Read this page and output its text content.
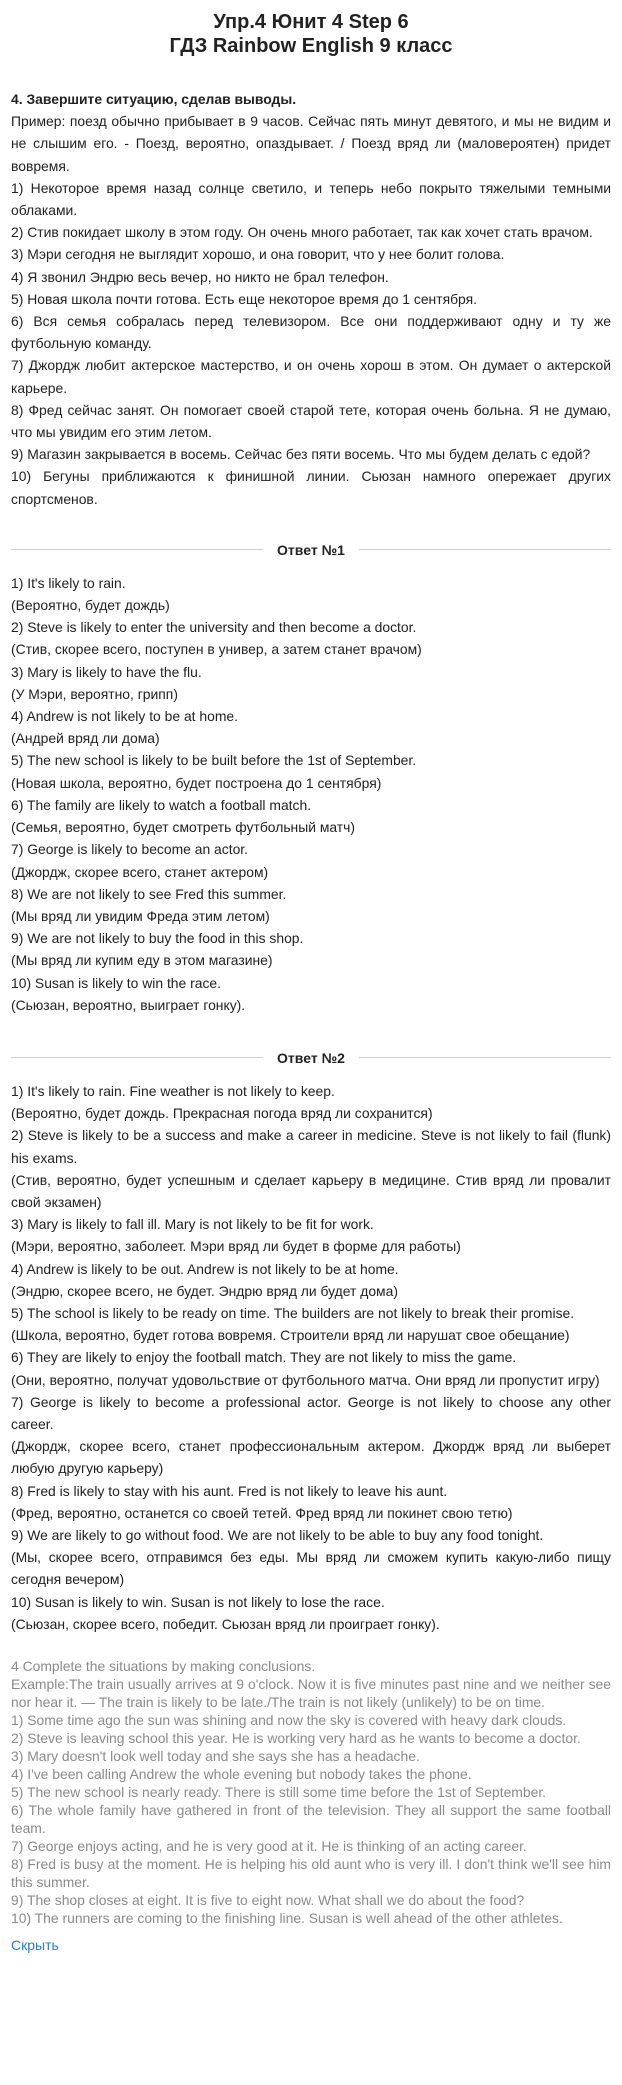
Упр.4 Юнит 4 Step 6
ГДЗ Rainbow English 9 класс

4. Завершите ситуацию, сделав выводы.

Пример: поезд обычно прибывает в 9 часов. Сейчас пять минут девятого, и мы не видим и не слышим его. - Поезд, вероятно, опаздывает. / Поезд вряд ли (маловероятен) придет вовремя.

1) Некоторое время назад солнце светило, и теперь небо покрыто тяжелыми темными облаками.

2) Стив покидает школу в этом году. Он очень много работает, так как хочет стать врачом.

3) Мэри сегодня не выглядит хорошо, и она говорит, что у нее болит голова.

4) Я звонил Эндрю весь вечер, но никто не брал телефон.

5) Новая школа почти готова. Есть еще некоторое время до 1 сентября.

6) Вся семья собралась перед телевизором. Все они поддерживают одну и ту же футбольную команду.

7) Джордж любит актерское мастерство, и он очень хорош в этом. Он думает о актерской карьере.

8) Фред сейчас занят. Он помогает своей старой тете, которая очень больна. Я не думаю, что мы увидим его этим летом.

9) Магазин закрывается в восемь. Сейчас без пяти восемь. Что мы будем делать с едой?

10) Бегуны приближаются к финишной линии. Сьюзан намного опережает других спортсменов.

Ответ №1

1) It's likely to rain.

(Вероятно, будет дождь)

2) Steve is likely to enter the university and then become a doctor.

(Стив, скорее всего, поступен в универ, а затем станет врачом)

3) Mary is likely to have the flu.

(У Мэри, вероятно, грипп)

4) Andrew is not likely to be at home.

(Андрей вряд ли дома)

5) The new school is likely to be built before the 1st of September.

(Новая школа, вероятно, будет построена до 1 сентября)

6) The family are likely to watch a football match.

(Семья, вероятно, будет смотреть футбольный матч)

7) George is likely to become an actor.

(Джордж, скорее всего, станет актером)

8) We are not likely to see Fred this summer.

(Мы вряд ли увидим Фреда этим летом)

9) We are not likely to buy the food in this shop.

(Мы вряд ли купим еду в этом магазине)

10) Susan is likely to win the race.

(Сьюзан, вероятно, выиграет гонку).

Ответ №2

1) It's likely to rain. Fine weather is not likely to keep.

(Вероятно, будет дождь. Прекрасная погода вряд ли сохранится)

2) Steve is likely to be a success and make a career in medicine. Steve is not likely to fail (flunk) his exams.

(Стив, вероятно, будет успешным и сделает карьеру в медицине. Стив вряд ли провалит свой экзамен)

3) Mary is likely to fall ill. Mary is not likely to be fit for work.

(Мэри, вероятно, заболеет. Мэри вряд ли будет в форме для работы)

4) Andrew is likely to be out. Andrew is not likely to be at home.

(Эндрю, скорее всего, не будет. Эндрю вряд ли будет дома)

5) The school is likely to be ready on time. The builders are not likely to break their promise.

(Школа, вероятно, будет готова вовремя. Строители вряд ли нарушат свое обещание)

6) They are likely to enjoy the football match. They are not likely to miss the game.

(Они, вероятно, получат удовольствие от футбольного матча. Они вряд ли пропустит игру)

7) George is likely to become a professional actor. George is not likely to choose any other career.

(Джордж, скорее всего, станет профессиональным актером. Джордж вряд ли выберет любую другую карьеру)

8) Fred is likely to stay with his aunt. Fred is not likely to leave his aunt.

(Фред, вероятно, останется со своей тетей. Фред вряд ли покинет свою тетю)

9) We are likely to go without food. We are not likely to be able to buy any food tonight.

(Мы, скорее всего, отправимся без еды. Мы вряд ли сможем купить какую-либо пищу сегодня вечером)

10) Susan is likely to win. Susan is not likely to lose the race.

(Сьюзан, скорее всего, победит. Сьюзан вряд ли проиграет гонку).

4 Complete the situations by making conclusions.

Example:The train usually arrives at 9 o'clock. Now it is five minutes past nine and we neither see nor hear it. — The train is likely to be late./The train is not likely (unlikely) to be on time.

1) Some time ago the sun was shining and now the sky is covered with heavy dark clouds.

2) Steve is leaving school this year. He is working very hard as he wants to become a doctor.

3) Mary doesn't look well today and she says she has a headache.

4) I've been calling Andrew the whole evening but nobody takes the phone.

5) The new school is nearly ready. There is still some time before the 1st of September.

6) The whole family have gathered in front of the television. They all support the same football team.

7) George enjoys acting, and he is very good at it. He is thinking of an acting career.

8) Fred is busy at the moment. He is helping his old aunt who is very ill. I don't think we'll see him this summer.

9) The shop closes at eight. It is five to eight now. What shall we do about the food?

10) The runners are coming to the finishing line. Susan is well ahead of the other athletes.

Скрыть
